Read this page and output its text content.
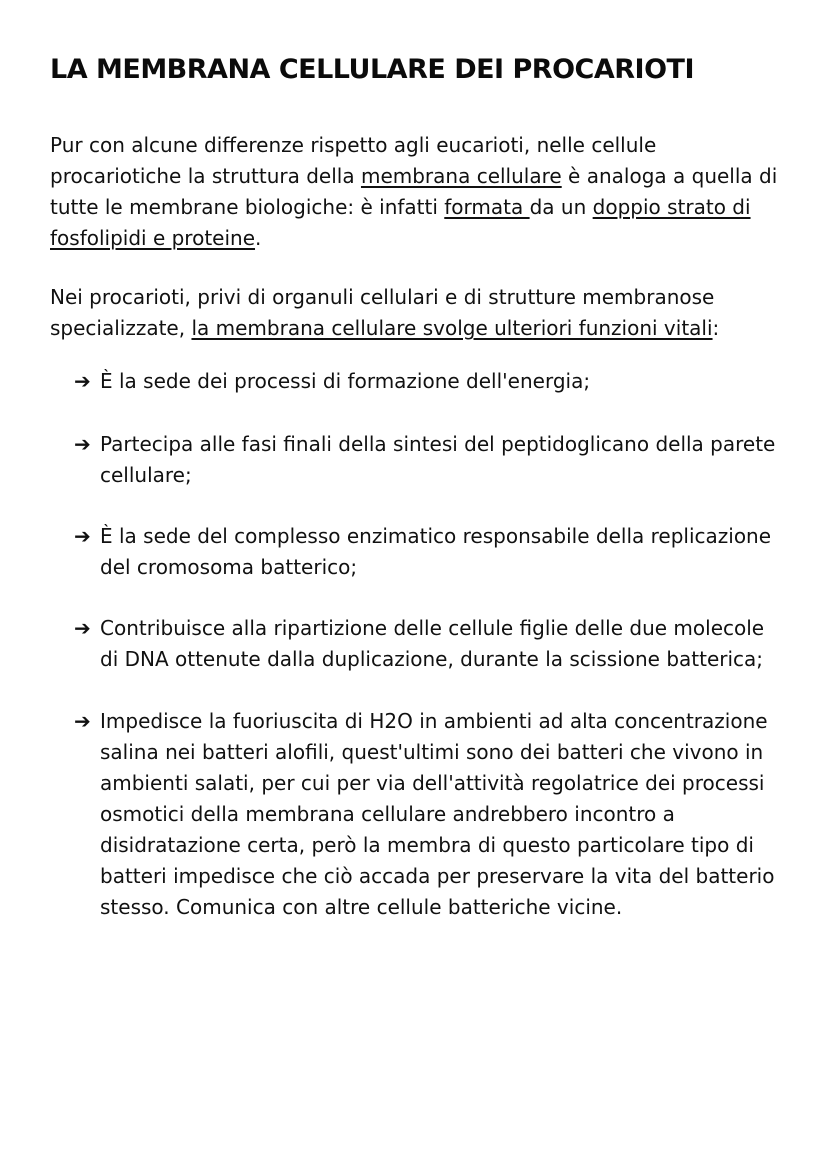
LA MEMBRANA CELLULARE DEI PROCARIOTI

Pur con alcune differenze rispetto agli eucarioti, nelle cellule procariotiche la struttura della membrana cellulare è analoga a quella di tutte le membrane biologiche: è infatti formata da un doppio strato di fosfolipidi e proteine.

Nei procarioti, privi di organuli cellulari e di strutture membranose specializzate, la membrana cellulare svolge ulteriori funzioni vitali:

➔ È la sede dei processi di formazione dell'energia;
➔ Partecipa alle fasi finali della sintesi del peptidoglicano della parete cellulare;
➔ È la sede del complesso enzimatico responsabile della replicazione del cromosoma batterico;
➔ Contribuisce alla ripartizione delle cellule figlie delle due molecole di DNA ottenute dalla duplicazione, durante la scissione batterica;
➔ Impedisce la fuoriuscita di H2O in ambienti ad alta concentrazione salina nei batteri alofili, quest'ultimi sono dei batteri che vivono in ambienti salati, per cui per via dell'attività regolatrice dei processi osmotici della membrana cellulare andrebbero incontro a disidratazione certa, però la membra di questo particolare tipo di batteri impedisce che ciò accada per preservare la vita del batterio stesso. Comunica con altre cellule batteriche vicine.
